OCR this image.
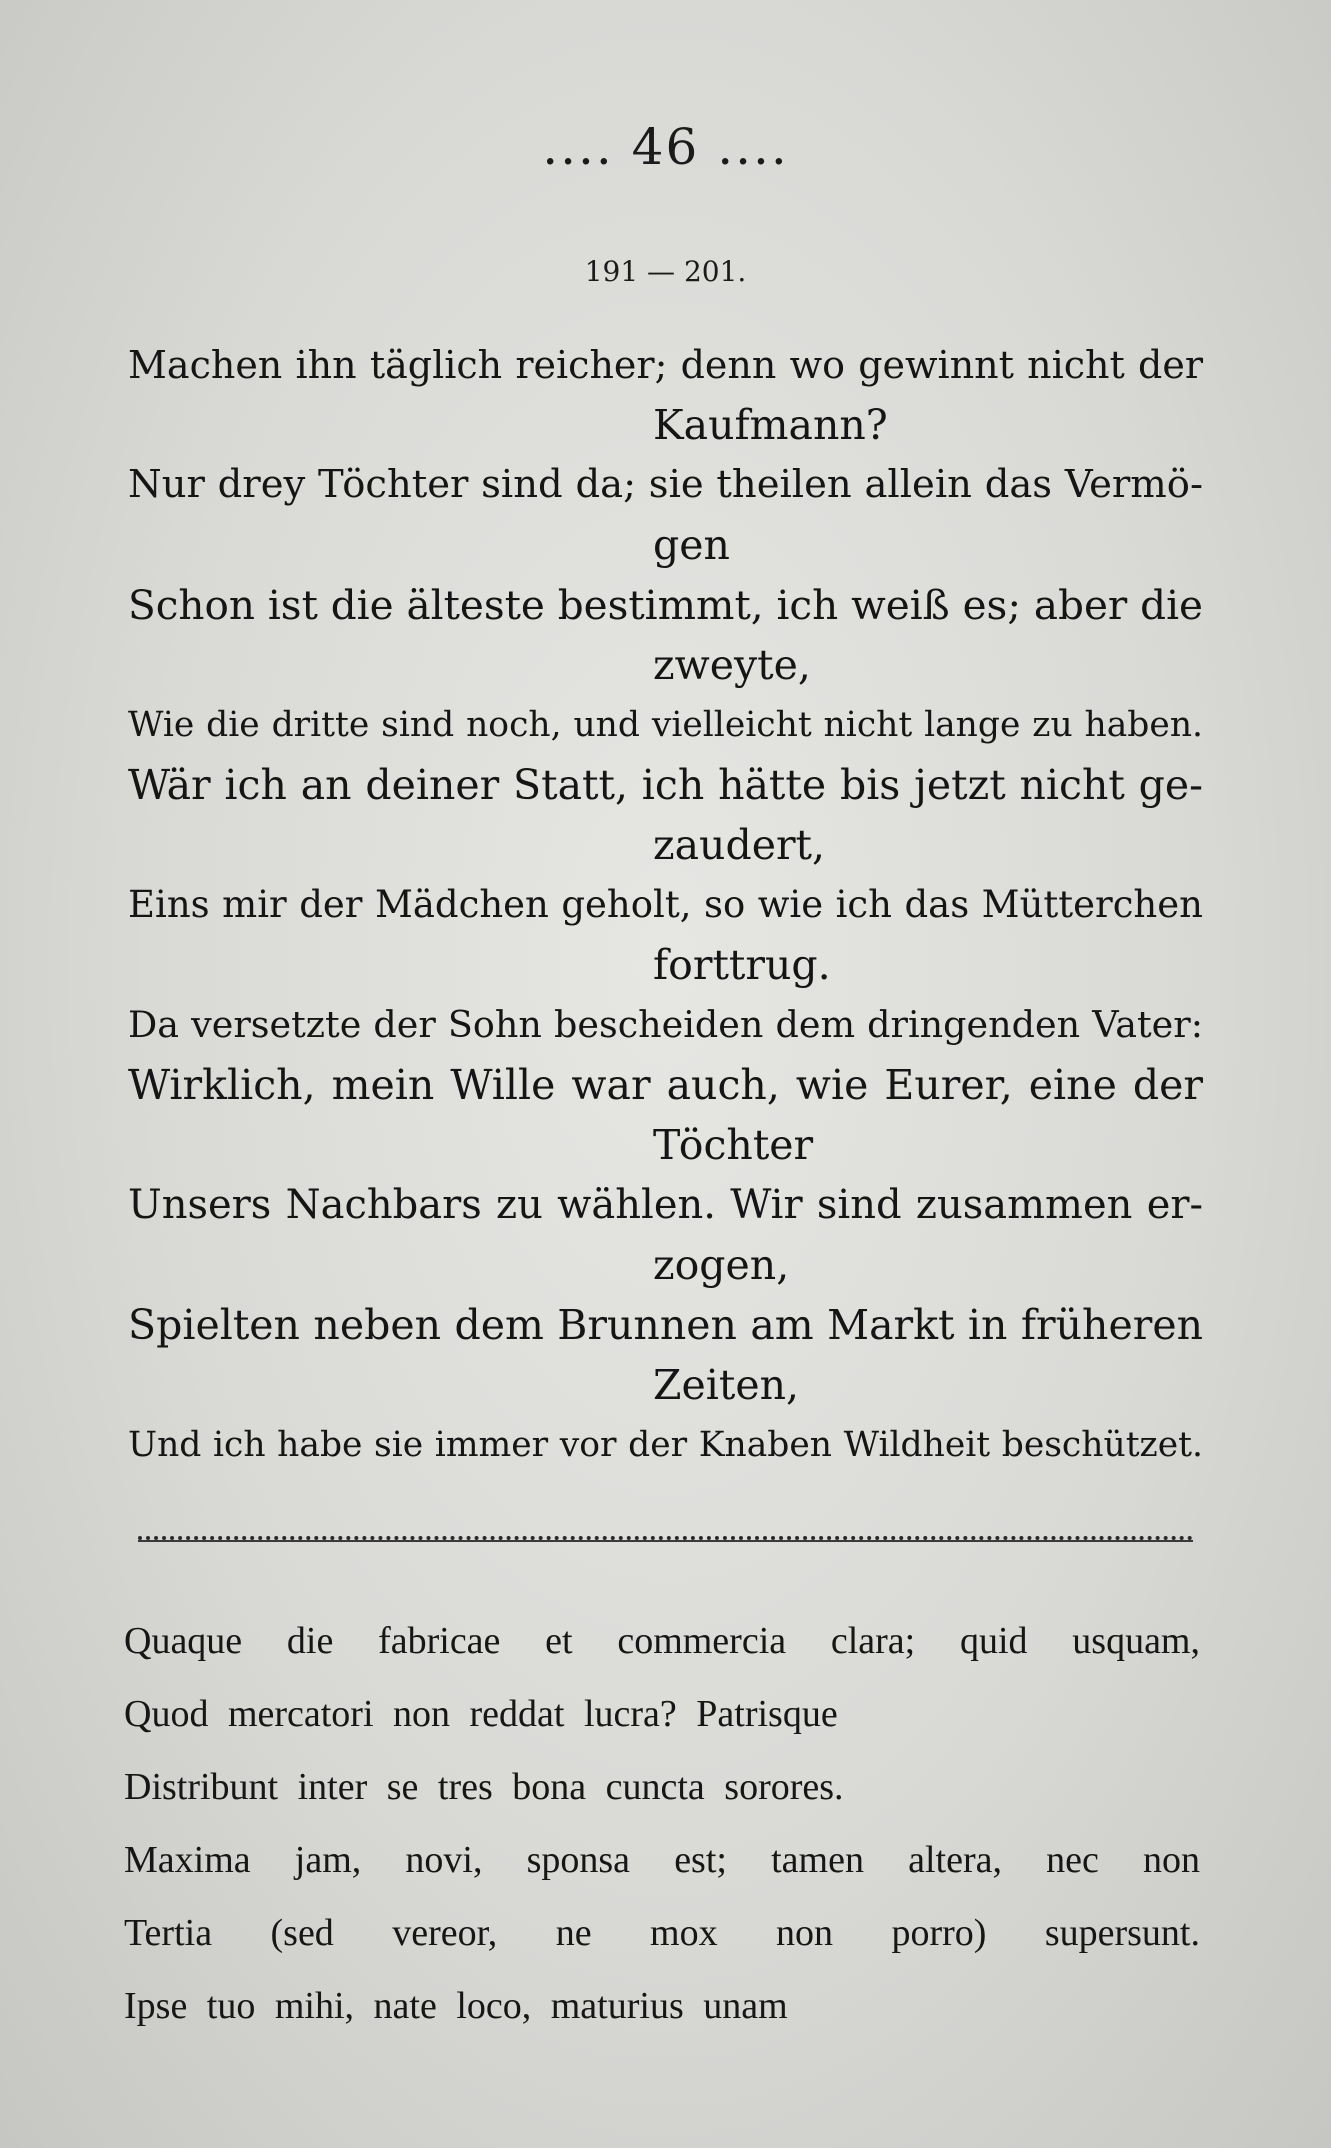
.... 46 ....
191 — 201.
Machen ihn täglich reicher; denn wo gewinnt nicht der
Kaufmann?
Nur drey Töchter sind da; sie theilen allein das Vermö-
gen
Schon ist die älteste bestimmt, ich weiß es; aber die
zweyte,
Wie die dritte sind noch, und vielleicht nicht lange zu haben.
Wär ich an deiner Statt, ich hätte bis jetzt nicht ge-
zaudert,
Eins mir der Mädchen geholt, so wie ich das Mütterchen
forttrug.
Da versetzte der Sohn bescheiden dem dringenden Vater:
Wirklich, mein Wille war auch, wie Eurer, eine der
Töchter
Unsers Nachbars zu wählen. Wir sind zusammen er-
zogen,
Spielten neben dem Brunnen am Markt in früheren
Zeiten,
Und ich habe sie immer vor der Knaben Wildheit beschützet.
Quaque die fabricae et commercia clara; quid usquam,
Quod mercatori non reddat lucra? Patrisque
Distribunt inter se tres bona cuncta sorores.
Maxima jam, novi, sponsa est; tamen altera, nec non
Tertia (sed vereor, ne mox non porro) supersunt.
Ipse tuo mihi, nate loco, maturius unam
